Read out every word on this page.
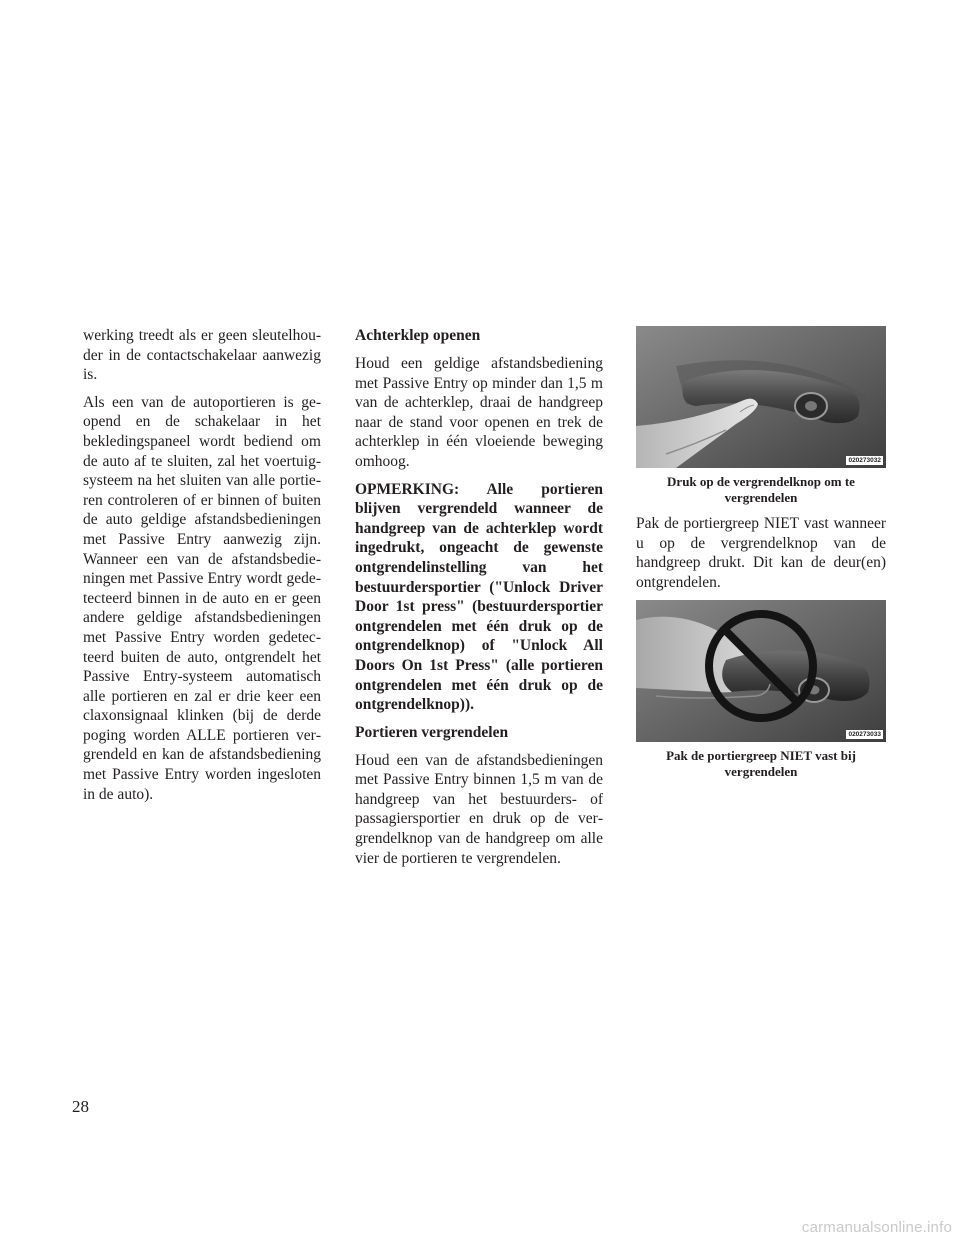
werking treedt als er geen sleutelhouder in de contactschakelaar aanwezig is.

Als een van de autoportieren is geopend en de schakelaar in het bekledingspaneel wordt bediend om de auto af te sluiten, zal het voertuigsysteem na het sluiten van alle portieren controleren of er binnen of buiten de auto geldige afstandsbedieningen met Passive Entry aanwezig zijn. Wanneer een van de afstandsbedieningen met Passive Entry wordt gedetecteerd binnen in de auto en er geen andere geldige afstandsbedieningen met Passive Entry worden gedetecteerd buiten de auto, ontgrendelt het Passive Entry-systeem automatisch alle portieren en zal er drie keer een claxonsignaal klinken (bij de derde poging worden ALLE portieren vergrendeld en kan de afstandsbediening met Passive Entry worden ingesloten in de auto).

Achterklep openen

Houd een geldige afstandsbediening met Passive Entry op minder dan 1,5 m van de achterklep, draai de handgreep naar de stand voor openen en trek de achterklep in één vloeiende beweging omhoog.

OPMERKING: Alle portieren blijven vergrendeld wanneer de handgreep van de achterklep wordt ingedrukt, ongeacht de gewenste ontgrendelinstelling van het bestuurdersportier ("Unlock Driver Door 1st press" (bestuurdersportier ontgrendelen met één druk op de ontgrendelknop) of "Unlock All Doors On 1st Press" (alle portieren ontgrendelen met één druk op de ontgrendelknop)).

Portieren vergrendelen

Houd een van de afstandsbedieningen met Passive Entry binnen 1,5 m van de handgreep van het bestuurders- of passagiersportier en druk op de vergrendelknop van de handgreep om alle vier de portieren te vergrendelen.

020273032
Druk op de vergrendelknop om te vergrendelen

Pak de portiergreep NIET vast wanneer u op de vergrendelknop van de handgreep drukt. Dit kan de deur(en) ontgrendelen.

020273033
Pak de portiergreep NIET vast bij vergrendelen
28
carmanualsonline.info
